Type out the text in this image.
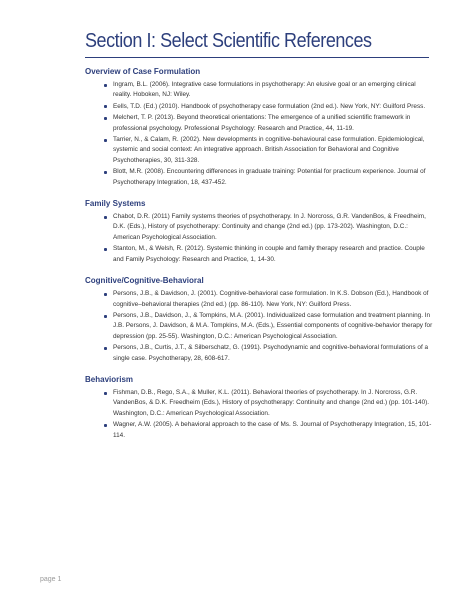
Section I: Select Scientific References
Overview of Case Formulation
Ingram, B.L. (2006). Integrative case formulations in psychotherapy: An elusive goal or an emerging clinical reality. Hoboken, NJ: Wiley.
Eells, T.D. (Ed.) (2010). Handbook of psychotherapy case formulation (2nd ed.). New York, NY: Guilford Press.
Melchert, T. P. (2013). Beyond theoretical orientations: The emergence of a unified scientific framework in professional psychology. Professional Psychology: Research and Practice, 44, 11-19.
Tarrier, N., & Calam, R. (2002). New developments in cognitive-behavioural case formulation. Epidemiological, systemic and social context: An integrative approach. British Association for Behavioral and Cognitive Psychotherapies, 30, 311-328.
Blott, M.R. (2008). Encountering differences in graduate training: Potential for practicum experience. Journal of Psychotherapy Integration, 18, 437-452.
Family Systems
Chabot, D.R. (2011) Family systems theories of psychotherapy. In J. Norcross, G.R. VandenBos, & Freedheim, D.K. (Eds.), History of psychotherapy: Continuity and change (2nd ed.) (pp. 173-202). Washington, D.C.: American Psychological Association.
Stanton, M., & Welsh, R. (2012). Systemic thinking in couple and family therapy research and practice. Couple and Family Psychology: Research and Practice, 1, 14-30.
Cognitive/Cognitive-Behavioral
Persons, J.B., & Davidson, J. (2001). Cognitive-behavioral case formulation. In K.S. Dobson (Ed.), Handbook of cognitive–behavioral therapies (2nd ed.) (pp. 86-110). New York, NY: Guilford Press.
Persons, J.B., Davidson, J., & Tompkins, M.A. (2001). Individualized case formulation and treatment planning. In J.B. Persons, J. Davidson, & M.A. Tompkins, M.A. (Eds.), Essential components of cognitive-behavior therapy for depression (pp. 25-55). Washington, D.C.: American Psychological Association.
Persons, J.B., Curtis, J.T., & Silberschatz, G. (1991). Psychodynamic and cognitive-behavioral formulations of a single case. Psychotherapy, 28, 608-617.
Behaviorism
Fishman, D.B., Rego, S.A., & Muller, K.L. (2011). Behavioral theories of psychotherapy. In J. Norcross, G.R. VandenBos, & D.K. Freedheim (Eds.), History of psychotherapy: Continuity and change (2nd ed.) (pp. 101-140). Washington, D.C.: American Psychological Association.
Wagner, A.W. (2005). A behavioral approach to the case of Ms. S. Journal of Psychotherapy Integration, 15, 101-114.
page 1
